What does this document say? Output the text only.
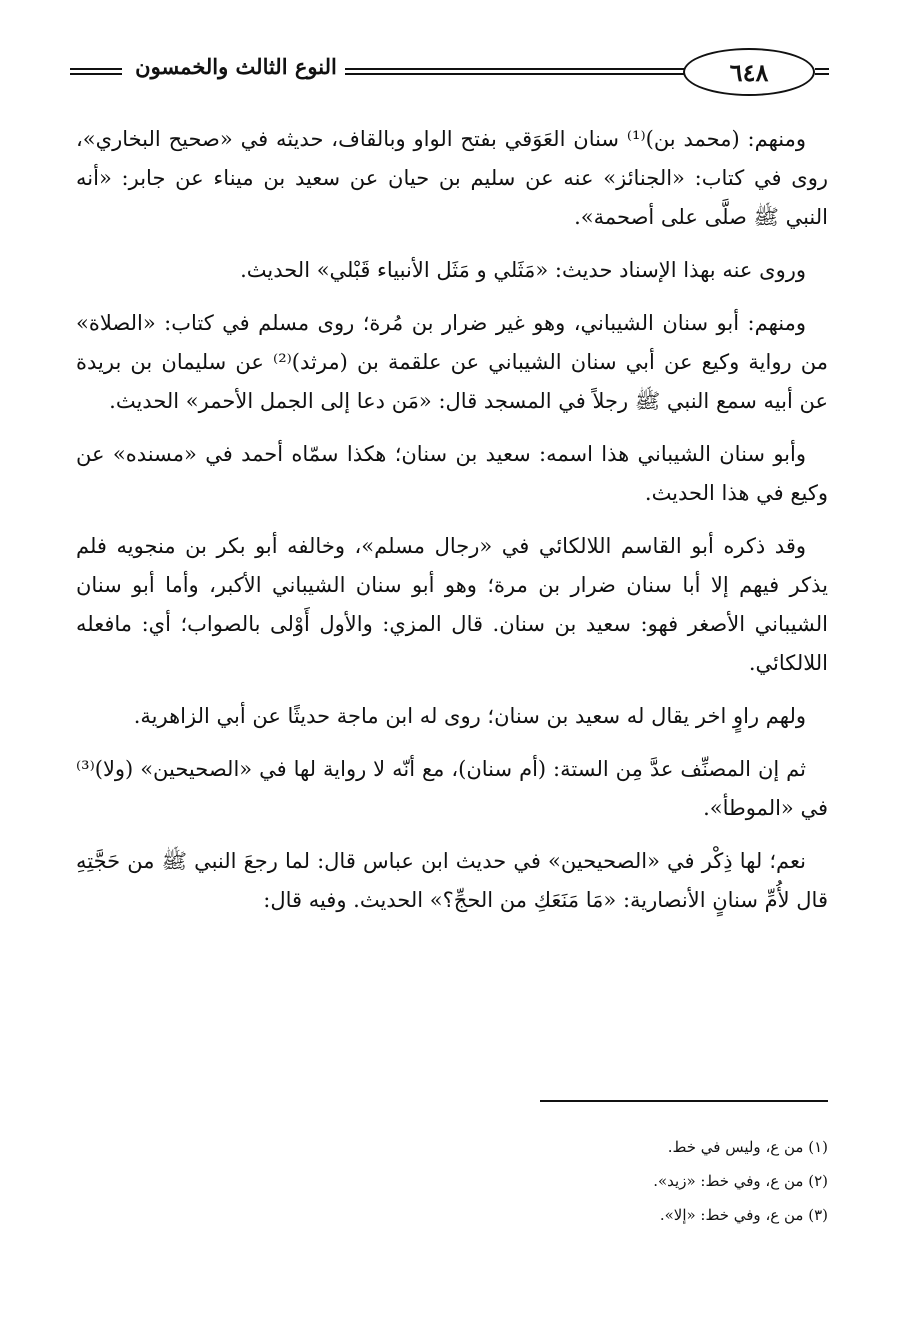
النوع الثالث والخمسون	٦٤٨

ومنهم: (محمد بن)⁽¹⁾ سنان العَوَقي بفتح الواو وبالقاف، حديثه في «صحيح البخاري»، روى في كتاب: «الجنائز» عنه عن سليم بن حيان عن سعيد بن ميناء عن جابر: «أنه النبي ﷺ صلَّى على أصحمة».

وروى عنه بهذا الإسناد حديث: «مَثَلي و مَثَل الأنبياء قَبْلي» الحديث.

ومنهم: أبو سنان الشيباني، وهو غير ضرار بن مُرة؛ روى مسلم في كتاب: «الصلاة» من رواية وكيع عن أبي سنان الشيباني عن علقمة بن (مرثد)⁽²⁾ عن سليمان بن بريدة عن أبيه سمع النبي ﷺ رجلاً في المسجد قال: «مَن دعا إلى الجمل الأحمر» الحديث.

وأبو سنان الشيباني هذا اسمه: سعيد بن سنان؛ هكذا سمّاه أحمد في «مسنده» عن وكيع في هذا الحديث.

وقد ذكره أبو القاسم اللالكائي في «رجال مسلم»، وخالفه أبو بكر بن منجويه فلم يذكر فيهم إلا أبا سنان ضرار بن مرة؛ وهو أبو سنان الشيباني الأكبر، وأما أبو سنان الشيباني الأصغر فهو: سعيد بن سنان. قال المزي: والأول أَوْلى بالصواب؛ أي: مافعله اللالكائي.

ولهم راوٍ اخر يقال له سعيد بن سنان؛ روى له ابن ماجة حديثًا عن أبي الزاهرية.

ثم إن المصنِّف عدَّ مِن الستة: (أم سنان)، مع أنّه لا رواية لها في «الصحيحين» (ولا)⁽³⁾ في «الموطأ».

نعم؛ لها ذِكْر في «الصحيحين» في حديث ابن عباس قال: لما رجعَ النبي ﷺ من حَجَّتِهِ قال لأُمِّ سنانٍ الأنصارية: «مَا مَنَعَكِ من الحجِّ؟» الحديث. وفيه قال:

(١) من ع، وليس في خط.

(٢) من ع، وفي خط: «زيد».

(٣) من ع، وفي خط: «إلا».
